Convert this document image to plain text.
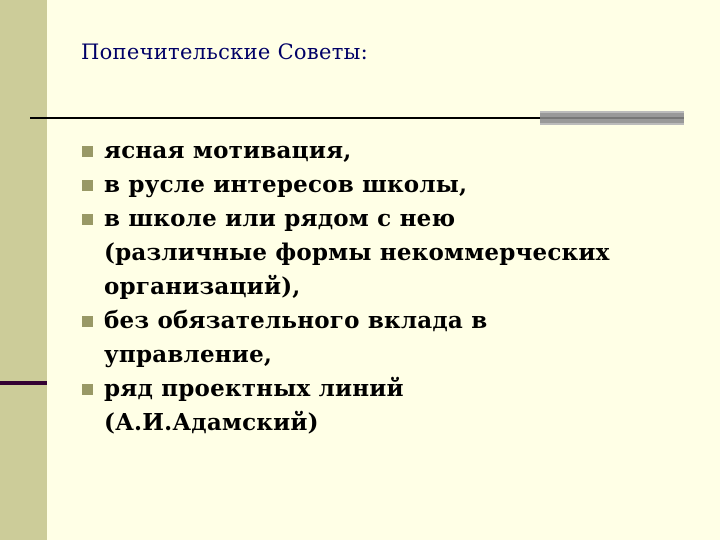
Попечительские Советы:
ясная мотивация,
в русле интересов школы,
в школе или рядом с нею
(различные формы некоммерческих
организаций),
без обязательного вклада в
управление,
ряд проектных линий
(А.И.Адамский)
